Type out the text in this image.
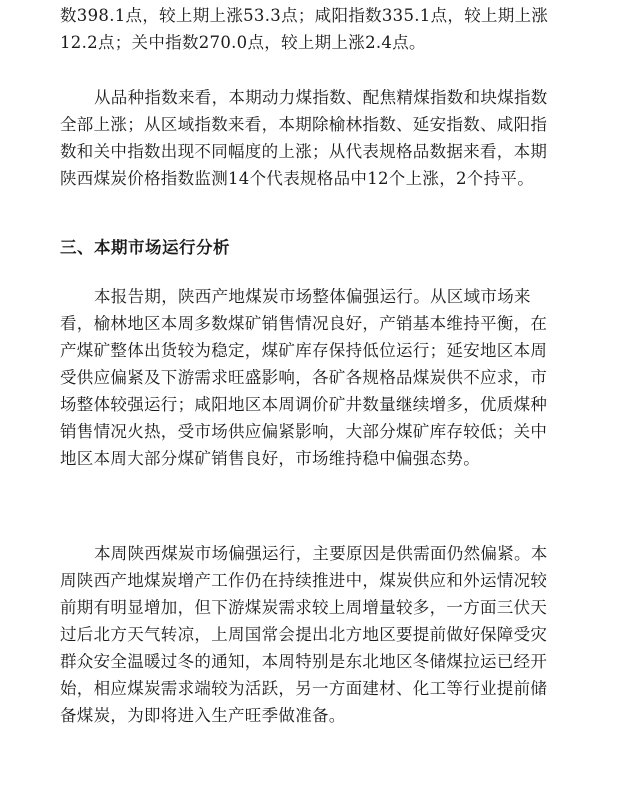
数398.1点，较上期上涨53.3点；咸阳指数335.1点，较上期上涨
12.2点；关中指数270.0点，较上期上涨2.4点。
从品种指数来看，本期动力煤指数、配焦精煤指数和块煤指数
全部上涨；从区域指数来看，本期除榆林指数、延安指数、咸阳指
数和关中指数出现不同幅度的上涨；从代表规格品数据来看，本期
陕西煤炭价格指数监测14个代表规格品中12个上涨，2个持平。
三、本期市场运行分析
本报告期，陕西产地煤炭市场整体偏强运行。从区域市场来
看，榆林地区本周多数煤矿销售情况良好，产销基本维持平衡，在
产煤矿整体出货较为稳定，煤矿库存保持低位运行；延安地区本周
受供应偏紧及下游需求旺盛影响，各矿各规格品煤炭供不应求，市
场整体较强运行；咸阳地区本周调价矿井数量继续增多，优质煤种
销售情况火热，受市场供应偏紧影响，大部分煤矿库存较低；关中
地区本周大部分煤矿销售良好，市场维持稳中偏强态势。
本周陕西煤炭市场偏强运行，主要原因是供需面仍然偏紧。本
周陕西产地煤炭增产工作仍在持续推进中，煤炭供应和外运情况较
前期有明显增加，但下游煤炭需求较上周增量较多，一方面三伏天
过后北方天气转凉，上周国常会提出北方地区要提前做好保障受灾
群众安全温暖过冬的通知，本周特别是东北地区冬储煤拉运已经开
始，相应煤炭需求端较为活跃，另一方面建材、化工等行业提前储
备煤炭，为即将进入生产旺季做准备。
